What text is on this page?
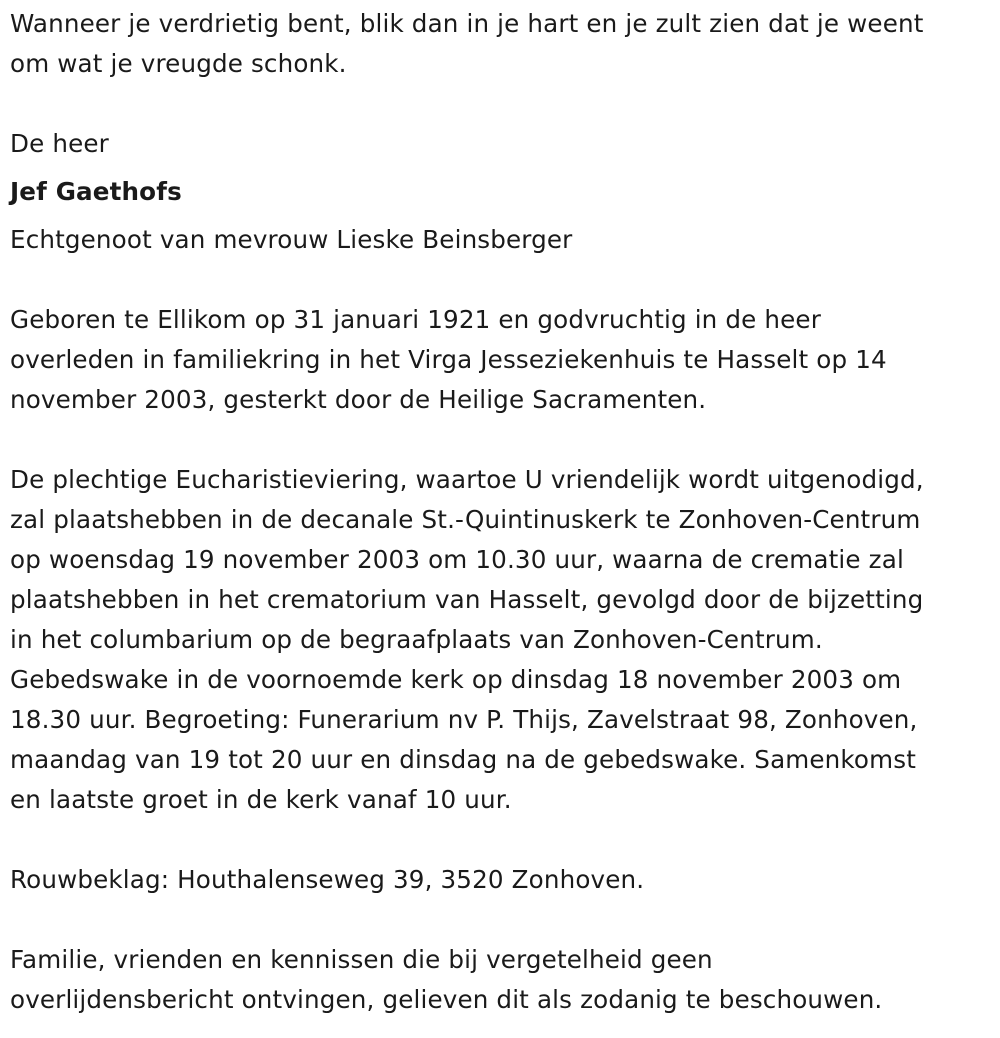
Wanneer je verdrietig bent, blik dan in je hart en je zult zien dat je weent
om wat je vreugde schonk.
De heer
Jef Gaethofs
Echtgenoot van mevrouw Lieske Beinsberger
Geboren te Ellikom op 31 januari 1921 en godvruchtig in de heer
overleden in familiekring in het Virga Jesseziekenhuis te Hasselt op 14
november 2003, gesterkt door de Heilige Sacramenten.
De plechtige Eucharistieviering, waartoe U vriendelijk wordt uitgenodigd,
zal plaatshebben in de decanale St.-Quintinuskerk te Zonhoven-Centrum
op woensdag 19 november 2003 om 10.30 uur, waarna de crematie zal
plaatshebben in het crematorium van Hasselt, gevolgd door de bijzetting
in het columbarium op de begraafplaats van Zonhoven-Centrum.
Gebedswake in de voornoemde kerk op dinsdag 18 november 2003 om
18.30 uur. Begroeting: Funerarium nv P. Thijs, Zavelstraat 98, Zonhoven,
maandag van 19 tot 20 uur en dinsdag na de gebedswake. Samenkomst
en laatste groet in de kerk vanaf 10 uur.
Rouwbeklag: Houthalenseweg 39, 3520 Zonhoven.
Familie, vrienden en kennissen die bij vergetelheid geen
overlijdensbericht ontvingen, gelieven dit als zodanig te beschouwen.
